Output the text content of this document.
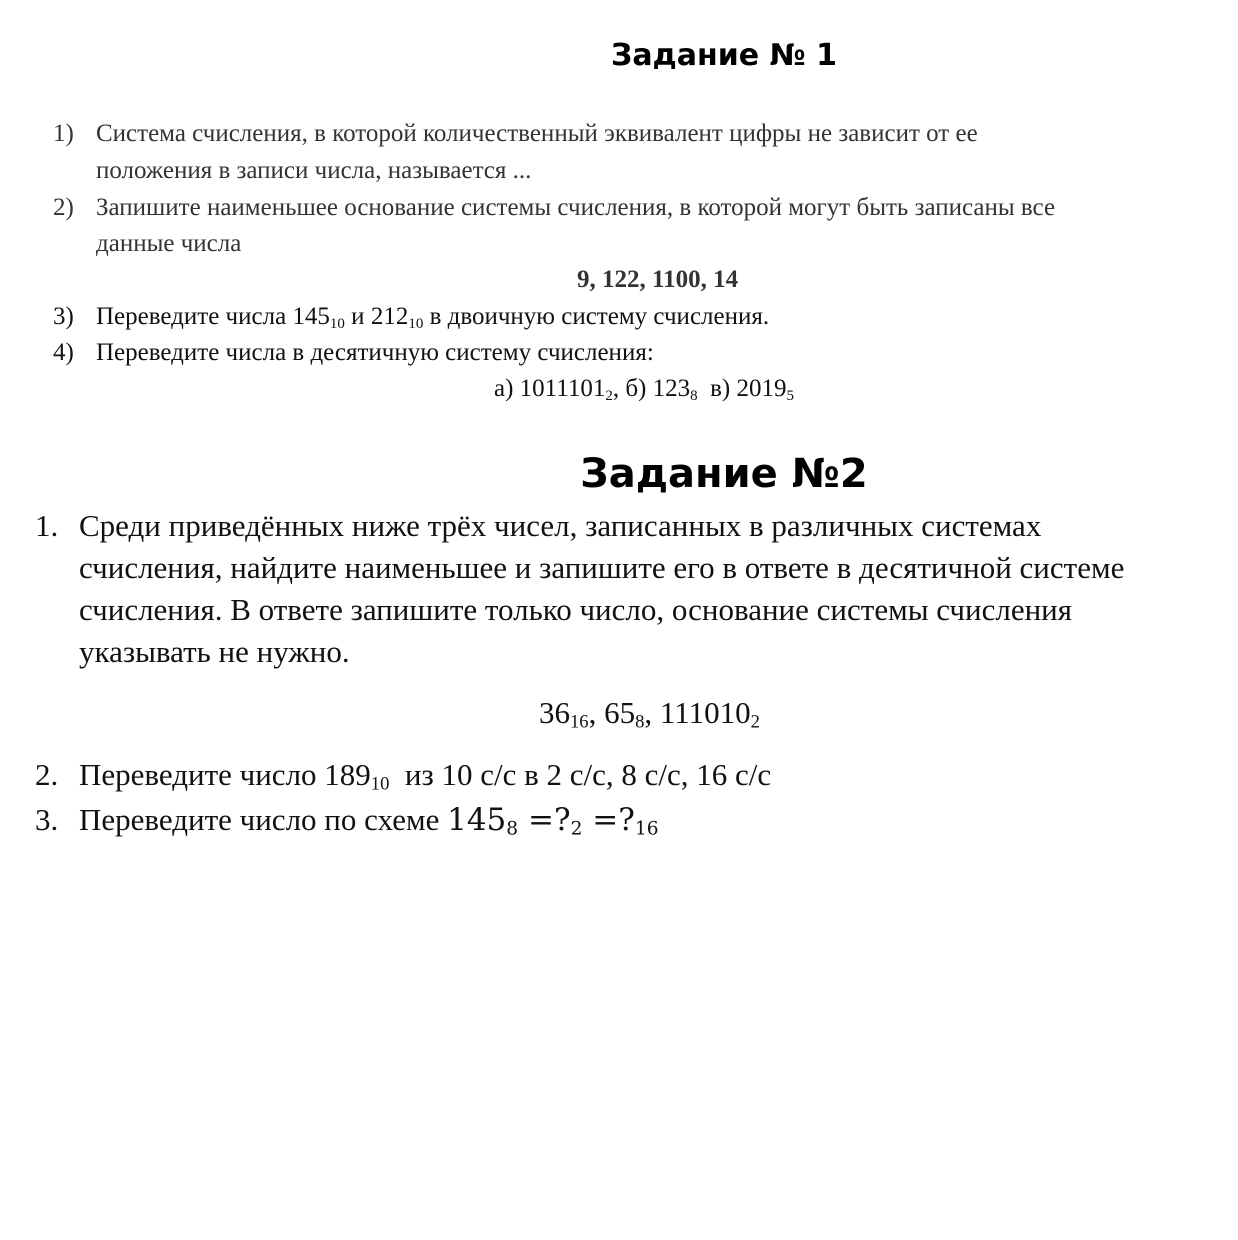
Задание № 1
1) Система счисления, в которой количественный эквивалент цифры не зависит от ее
положения в записи числа, называется ...
2) Запишите наименьшее основание системы счисления, в которой могут быть записаны все
данные числа
9, 122, 1100, 14
3) Переведите числа $145_{10}$ и $212_{10}$ в двоичную систему счисления.
4) Переведите числа в десятичную систему счисления:
а) $1011101_2$, б) $123_8$ в) $2019_5$
Задание №2
1. Среди приведённых ниже трёх чисел, записанных в различных системах
счисления, найдите наименьшее и запишите его в ответе в десятичной системе
счисления. В ответе запишите только число, основание системы счисления
указывать не нужно.
$36_{16}$, $65_8$, $111010_2$
2. Переведите число $189_{10}$  из 10 с/с в 2 с/с, 8 с/с, 16 с/с
3. Переведите число по схеме $145_8$ $=?_2$ $=?_{16}$
